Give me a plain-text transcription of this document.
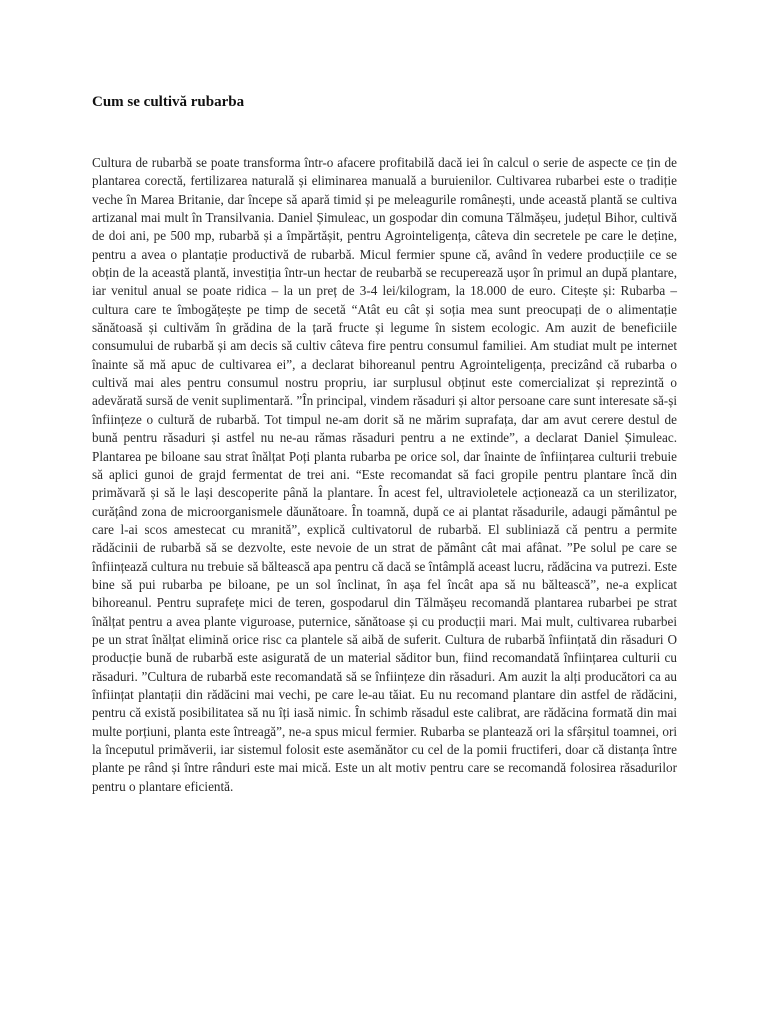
Cum se cultivă rubarba

Cultura de rubarbă se poate transforma într-o afacere profitabilă dacă iei în calcul o serie de aspecte ce țin de plantarea corectă, fertilizarea naturală și eliminarea manuală a buruienilor. Cultivarea rubarbei este o tradiție veche în Marea Britanie, dar începe să apară timid și pe meleagurile românești, unde această plantă se cultiva artizanal mai mult în Transilvania. Daniel Șimuleac, un gospodar din comuna Tălmășeu, județul Bihor, cultivă de doi ani, pe 500 mp, rubarbă și a împărtășit, pentru Agrointeligența, câteva din secretele pe care le deține, pentru a avea o plantație productivă de rubarbă. Micul fermier spune că, având în vedere producțiile ce se obțin de la această plantă, investiția într-un hectar de reubarbă se recuperează ușor în primul an după plantare, iar venitul anual se poate ridica – la un preț de 3-4 lei/kilogram, la 18.000 de euro. Citește și: Rubarba – cultura care te îmbogățește pe timp de secetă “Atât eu cât și soția mea sunt preocupați de o alimentație sănătoasă și cultivăm în grădina de la țară fructe și legume în sistem ecologic. Am auzit de beneficiile consumului de rubarbă și am decis să cultiv câteva fire pentru consumul familiei. Am studiat mult pe internet înainte să mă apuc de cultivarea ei”, a declarat bihoreanul pentru Agrointeligența, precizând că rubarba o cultivă mai ales pentru consumul nostru propriu, iar surplusul obținut este comercializat și reprezintă o adevărată sursă de venit suplimentară. ”În principal, vindem răsaduri și altor persoane care sunt interesate să-și înființeze o cultură de rubarbă. Tot timpul ne-am dorit să ne mărim suprafața, dar am avut cerere destul de bună pentru răsaduri și astfel nu ne-au rămas răsaduri pentru a ne extinde”, a declarat Daniel Șimuleac. Plantarea pe biloane sau strat înălțat Poți planta rubarba pe orice sol, dar înainte de înființarea culturii trebuie să aplici gunoi de grajd fermentat de trei ani. “Este recomandat să faci gropile pentru plantare încă din primăvară și să le lași descoperite până la plantare. În acest fel, ultravioletele acționează ca un sterilizator, curățând zona de microorganismele dăunătoare. În toamnă, după ce ai plantat răsadurile, adaugi pământul pe care l-ai scos amestecat cu mranită”, explică cultivatorul de rubarbă. El subliniază că pentru a permite rădăcinii de rubarbă să se dezvolte, este nevoie de un strat de pământ cât mai afânat. ”Pe solul pe care se înființează cultura nu trebuie să băltească apa pentru că dacă se întâmplă aceast lucru, rădăcina va putrezi. Este bine să pui rubarba pe biloane, pe un sol înclinat, în așa fel încât apa să nu băltească”, ne-a explicat bihoreanul. Pentru suprafețe mici de teren, gospodarul din Tălmășeu recomandă plantarea rubarbei pe strat înălțat pentru a avea plante viguroase, puternice, sănătoase și cu producții mari. Mai mult, cultivarea rubarbei pe un strat înălțat elimină orice risc ca plantele să aibă de suferit. Cultura de rubarbă înființată din răsaduri O producție bună de rubarbă este asigurată de un material săditor bun, fiind recomandată înființarea culturii cu răsaduri. ”Cultura de rubarbă este recomandată să se înființeze din răsaduri. Am auzit la alți producători ca au înființat plantații din rădăcini mai vechi, pe care le-au tăiat. Eu nu recomand plantare din astfel de rădăcini, pentru că există posibilitatea să nu îți iasă nimic. În schimb răsadul este calibrat, are rădăcina formată din mai multe porțiuni, planta este întreagă”, ne-a spus micul fermier. Rubarba se plantează ori la sfârșitul toamnei, ori la începutul primăverii, iar sistemul folosit este asemănător cu cel de la pomii fructiferi, doar că distanța între plante pe rând și între rânduri este mai mică. Este un alt motiv pentru care se recomandă folosirea răsadurilor pentru o plantare eficientă.
